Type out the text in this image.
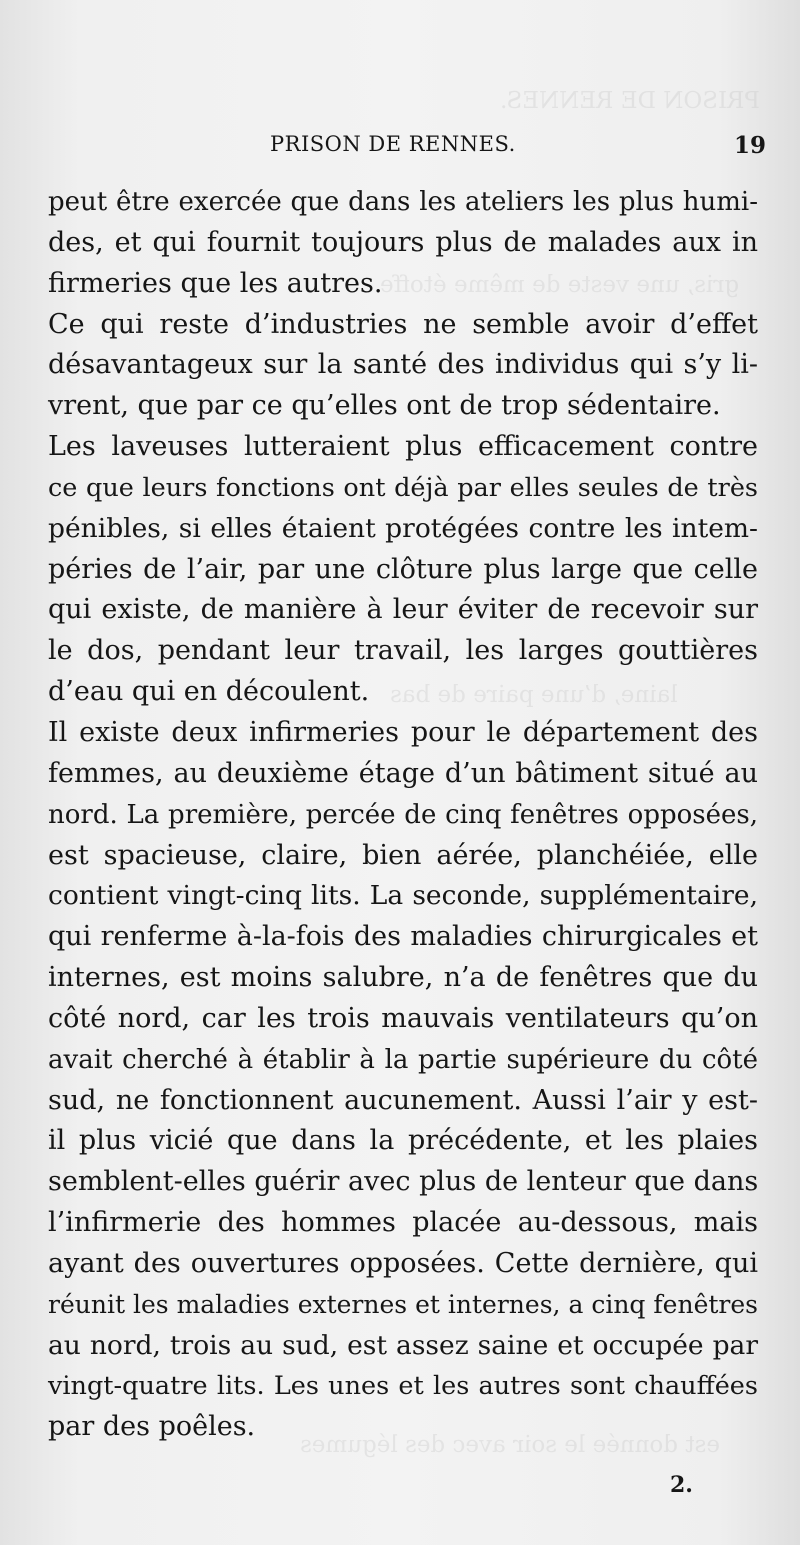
PRISON DE RENNES.
gris, une veste de même étoffe
laine, d’une paire de bas
est donnée le soir avec des légumes
PRISON DE RENNES.	19
peut être exercée que dans les ateliers les plus humi-
des, et qui fournit toujours plus de malades aux in
firmeries que les autres.
Ce qui reste d’industries ne semble avoir d’effet
désavantageux sur la santé des individus qui s’y li-
vrent, que par ce qu’elles ont de trop sédentaire.
Les laveuses lutteraient plus efficacement contre
ce que leurs fonctions ont déjà par elles seules de très
pénibles, si elles étaient protégées contre les intem-
péries de l’air, par une clôture plus large que celle
qui existe, de manière à leur éviter de recevoir sur
le dos, pendant leur travail, les larges gouttières
d’eau qui en découlent.
Il existe deux infirmeries pour le département des
femmes, au deuxième étage d’un bâtiment situé au
nord. La première, percée de cinq fenêtres opposées,
est spacieuse, claire, bien aérée, planchéiée, elle
contient vingt-cinq lits. La seconde, supplémentaire,
qui renferme à-la-fois des maladies chirurgicales et
internes, est moins salubre, n’a de fenêtres que du
côté nord, car les trois mauvais ventilateurs qu’on
avait cherché à établir à la partie supérieure du côté
sud, ne fonctionnent aucunement. Aussi l’air y est-
il plus vicié que dans la précédente, et les plaies
semblent-elles guérir avec plus de lenteur que dans
l’infirmerie des hommes placée au-dessous, mais
ayant des ouvertures opposées. Cette dernière, qui
réunit les maladies externes et internes, a cinq fenêtres
au nord, trois au sud, est assez saine et occupée par
vingt-quatre lits. Les unes et les autres sont chauffées
par des poêles.
2.
